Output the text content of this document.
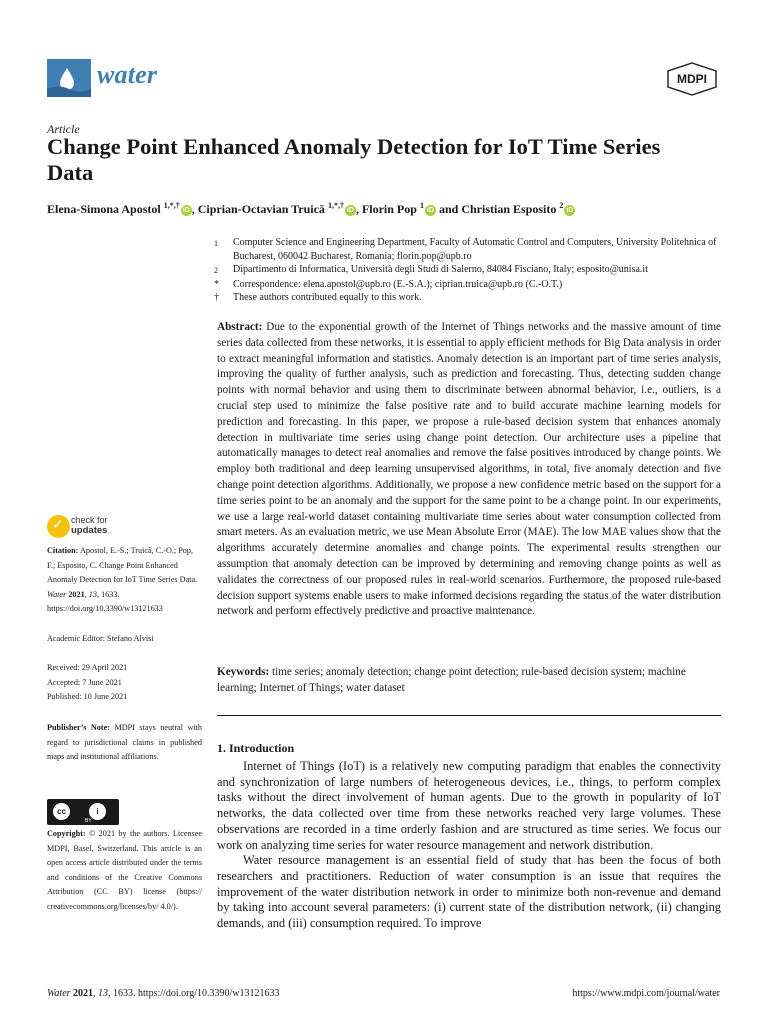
water	MDPI
Article
Change Point Enhanced Anomaly Detection for IoT Time Series Data
Elena-Simona Apostol $^{1,*,\dagger}$iD , Ciprian-Octavian Truică $^{1,*,\dagger}$iD , Florin Pop $^1$iD and Christian Esposito $^2$iD
1	Computer Science and Engineering Department, Faculty of Automatic Control and Computers, University Politehnica of Bucharest, 060042 Bucharest, Romania; florin.pop@upb.ro
2	Dipartimento di Informatica, Università degli Studi di Salerno, 84084 Fisciano, Italy; esposito@unisa.it
*	Correspondence: elena.apostol@upb.ro (E.-S.A.); ciprian.truica@upb.ro (C.-O.T.)
†	These authors contributed equally to this work.
Abstract: Due to the exponential growth of the Internet of Things networks and the massive amount of time series data collected from these networks, it is essential to apply efficient methods for Big Data analysis in order to extract meaningful information and statistics. Anomaly detection is an important part of time series analysis, improving the quality of further analysis, such as prediction and forecasting. Thus, detecting sudden change points with normal behavior and using them to discriminate between abnormal behavior, i.e., outliers, is a crucial step used to minimize the false positive rate and to build accurate machine learning models for prediction and forecasting. In this paper, we propose a rule-based decision system that enhances anomaly detection in multivariate time series using change point detection. Our architecture uses a pipeline that automatically manages to detect real anomalies and remove the false positives introduced by change points. We employ both traditional and deep learning unsupervised algorithms, in total, five anomaly detection and five change point detection algorithms. Additionally, we propose a new confidence metric based on the support for a time series point to be an anomaly and the support for the same point to be a change point. In our experiments, we use a large real-world dataset containing multivariate time series about water consumption collected from smart meters. As an evaluation metric, we use Mean Absolute Error (MAE). The low MAE values show that the algorithms accurately determine anomalies and change points. The experimental results strengthen our assumption that anomaly detection can be improved by determining and removing change points as well as validates the correctness of our proposed rules in real-world scenarios. Furthermore, the proposed rule-based decision support systems enable users to make informed decisions regarding the status of the water distribution network and perform effectively predictive and proactive maintenance.
Keywords: time series; anomaly detection; change point detection; rule-based decision system; machine learning; Internet of Things; water dataset
1. Introduction

Internet of Things (IoT) is a relatively new computing paradigm that enables the connectivity and synchronization of large numbers of heterogeneous devices, i.e., things, to perform complex tasks without the direct involvement of human agents. Due to the growth in popularity of IoT networks, the data collected over time from these networks reached very large volumes. These observations are recorded in a time orderly fashion and are structured as time series. We focus our work on analyzing time series for water resource management and network distribution.

Water resource management is an essential field of study that has been the focus of both researchers and practitioners. Reduction of water consumption is an issue that requires the improvement of the water distribution network in order to minimize both non-revenue and demand by taking into account several parameters: (i) current state of the distribution network, (ii) changing demands, and (iii) consumption required. To improve

✓ check for
updates
Citation: Apostol, E.-S.; Truică, C.-O.; Pop, F.; Esposito, C. Change Point Enhanced Anomaly Detection for IoT Time Series Data. Water 2021, 13, 1633. https://doi.org/10.3390/w13121633
Academic Editor: Stefano Alvisi
Received: 29 April 2021
Accepted: 7 June 2021
Published: 10 June 2021
Publisher’s Note: MDPI stays neutral with regard to jurisdictional claims in published maps and institutional affiliations.
cc	i
BY
Copyright: © 2021 by the authors. Licensee MDPI, Basel, Switzerland. This article is an open access article distributed under the terms and conditions of the Creative Commons Attribution (CC BY) license (https:// creativecommons.org/licenses/by/ 4.0/).
Water 2021, 13, 1633. https://doi.org/10.3390/w13121633	https://www.mdpi.com/journal/water
